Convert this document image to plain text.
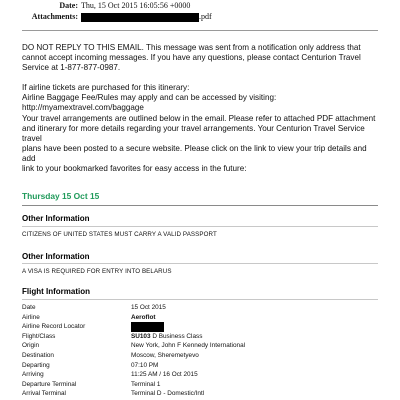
Date: Thu, 15 Oct 2015 16:05:56 +0000
Attachments:	.pdf

DO NOT REPLY TO THIS EMAIL. This message was sent from a notification only address that

cannot accept incoming messages. If you have any questions, please contact Centurion Travel

Service at 1-877-877-0987.

If airline tickets are purchased for this itinerary:

Airline Baggage Fee/Rules may apply and can be accessed by visiting:

http://myamextravel.com/baggage

Your travel arrangements are outlined below in the email. Please refer to attached PDF attachment

and itinerary for more details regarding your travel arrangements. Your Centurion Travel Service travel

plans have been posted to a secure website. Please click on the link to view your trip details and add

link to your bookmarked favorites for easy access in the future:

Thursday 15 Oct 15
Other Information
CITIZENS OF UNITED STATES MUST CARRY A VALID PASSPORT
Other Information
A VISA IS REQUIRED FOR ENTRY INTO BELARUS
Flight Information
Date	15 Oct 2015
Airline	Aeroflot
Airline Record Locator
Flight/Class	SU103 D Business Class
Origin	New York, John F Kennedy International
Destination	Moscow, Sheremetyevo
Departing	07:10 PM
Arriving	11:25 AM / 16 Oct 2015
Departure Terminal	Terminal 1
Arrival Terminal	Terminal D - Domestic/Intl
